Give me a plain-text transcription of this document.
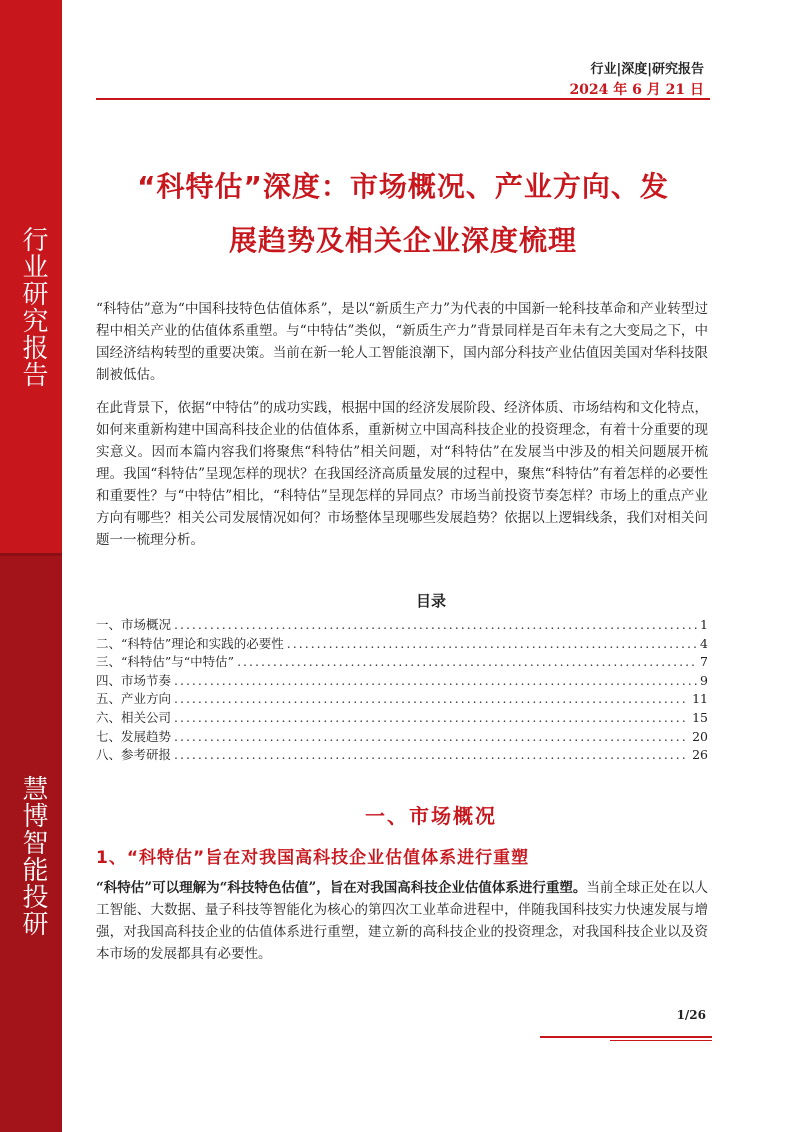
行业研究报告
慧博智能投研
行业|深度|研究报告
2024 年 6 月 21 日
“科特估”深度：市场概况、产业方向、发
展趋势及相关企业深度梳理
“科特估”意为“中国科技特色估值体系”，是以“新质生产力”为代表的中国新一轮科技革命和产业转型过程中相关产业的估值体系重塑。与“中特估”类似，“新质生产力”背景同样是百年未有之大变局之下，中国经济结构转型的重要决策。当前在新一轮人工智能浪潮下，国内部分科技产业估值因美国对华科技限制被低估。
在此背景下，依据“中特估”的成功实践，根据中国的经济发展阶段、经济体质、市场结构和文化特点，如何来重新构建中国高科技企业的估值体系，重新树立中国高科技企业的投资理念，有着十分重要的现实意义。因而本篇内容我们将聚焦“科特估”相关问题，对“科特估”在发展当中涉及的相关问题展开梳理。我国“科特估”呈现怎样的现状？在我国经济高质量发展的过程中，聚焦“科特估”有着怎样的必要性和重要性？与“中特估”相比，“科特估”呈现怎样的异同点？市场当前投资节奏怎样？市场上的重点产业方向有哪些？相关公司发展情况如何？市场整体呈现哪些发展趋势？依据以上逻辑线条，我们对相关问题一一梳理分析。
目录
一、市场概况 .....	1
二、“科特估”理论和实践的必要性 .....	4
三、“科特估”与“中特估” .....	7
四、市场节奏 .....	9
五、产业方向 .....	11
六、相关公司 .....	15
七、发展趋势 .....	20
八、参考研报 .....	26
一、市场概况
1、“科特估”旨在对我国高科技企业估值体系进行重塑
“科特估”可以理解为“科技特色估值”，旨在对我国高科技企业估值体系进行重塑。当前全球正处在以人工智能、大数据、量子科技等智能化为核心的第四次工业革命进程中，伴随我国科技实力快速发展与增强，对我国高科技企业的估值体系进行重塑，建立新的高科技企业的投资理念，对我国科技企业以及资本市场的发展都具有必要性。
1/26
